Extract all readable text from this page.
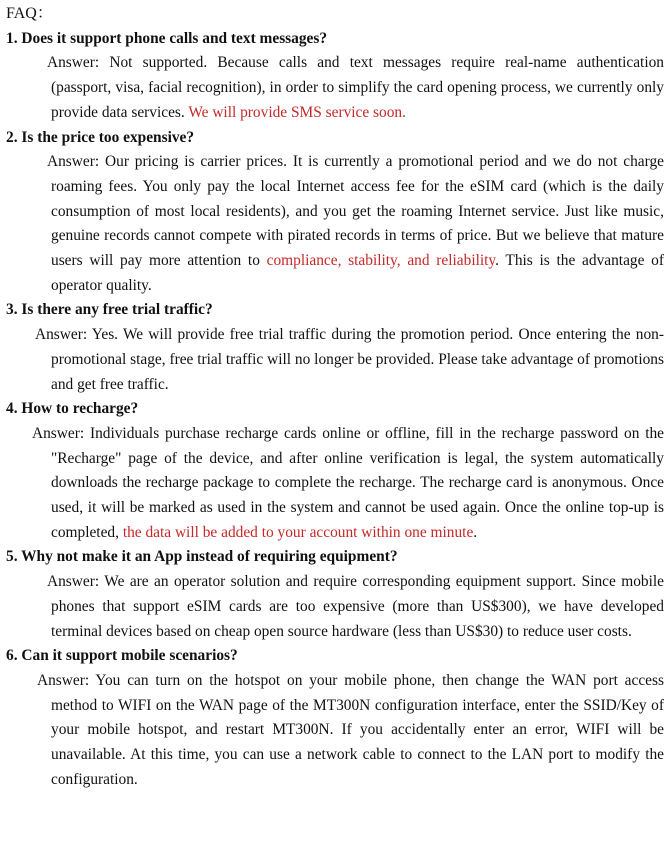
FAQ：

1. Does it support phone calls and text messages?

Answer: Not supported. Because calls and text messages require real-name authentication (passport, visa, facial recognition), in order to simplify the card opening process, we currently only provide data services. We will provide SMS service soon.

2. Is the price too expensive?

Answer: Our pricing is carrier prices. It is currently a promotional period and we do not charge roaming fees. You only pay the local Internet access fee for the eSIM card (which is the daily consumption of most local residents), and you get the roaming Internet service. Just like music, genuine records cannot compete with pirated records in terms of price. But we believe that mature users will pay more attention to compliance, stability, and reliability. This is the advantage of operator quality.

3. Is there any free trial traffic?

Answer: Yes. We will provide free trial traffic during the promotion period. Once entering the non-promotional stage, free trial traffic will no longer be provided. Please take advantage of promotions and get free traffic.

4. How to recharge?

Answer: Individuals purchase recharge cards online or offline, fill in the recharge password on the "Recharge" page of the device, and after online verification is legal, the system automatically downloads the recharge package to complete the recharge. The recharge card is anonymous. Once used, it will be marked as used in the system and cannot be used again. Once the online top-up is completed, the data will be added to your account within one minute.

5. Why not make it an App instead of requiring equipment?

Answer: We are an operator solution and require corresponding equipment support. Since mobile phones that support eSIM cards are too expensive (more than US$300), we have developed terminal devices based on cheap open source hardware (less than US$30) to reduce user costs.

6. Can it support mobile scenarios?

Answer: You can turn on the hotspot on your mobile phone, then change the WAN port access method to WIFI on the WAN page of the MT300N configuration interface, enter the SSID/Key of your mobile hotspot, and restart MT300N. If you accidentally enter an error, WIFI will be unavailable. At this time, you can use a network cable to connect to the LAN port to modify the configuration.
